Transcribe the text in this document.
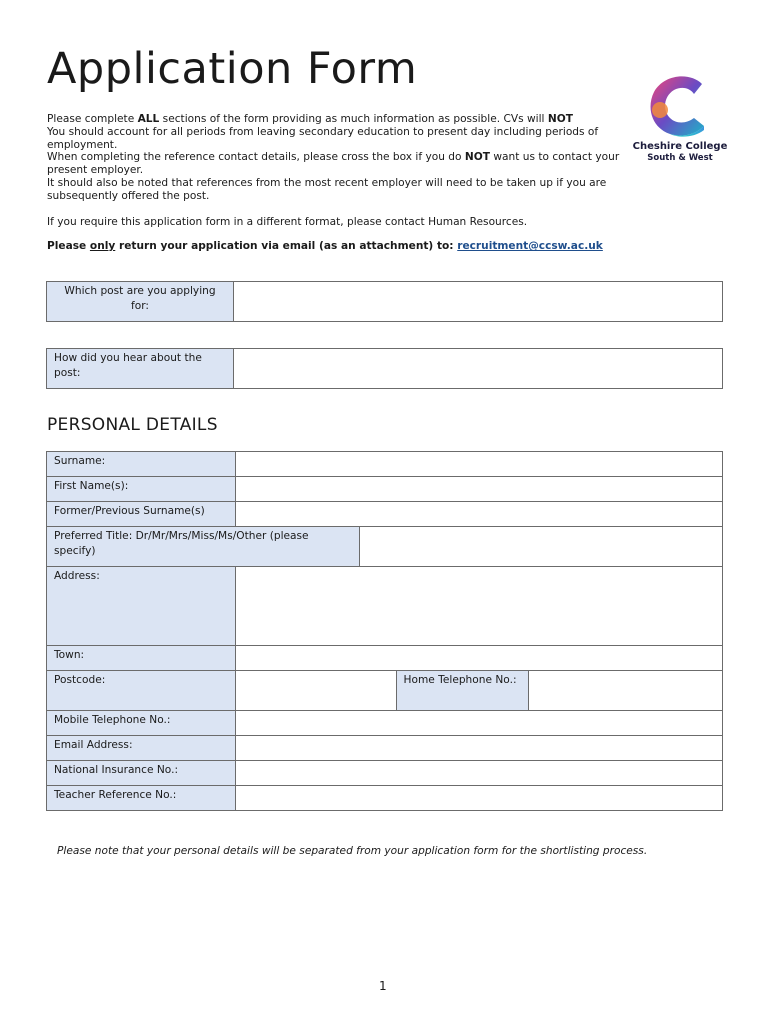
Application Form
Cheshire College
South & West

Please complete ALL sections of the form providing as much information as possible. CVs will NOT

You should account for all periods from leaving secondary education to present day including periods of

employment.

When completing the reference contact details, please cross the box if you do NOT want us to contact your

present employer.

It should also be noted that references from the most recent employer will need to be taken up if you are

subsequently offered the post.

If you require this application form in a different format, please contact Human Resources.

Please only return your application via email (as an attachment) to: recruitment@ccsw.ac.uk

Which post are you applying for:	
How did you hear about the post:	
PERSONAL DETAILS
Surname:				
First Name(s):				
Former/Previous Surname(s)				
Preferred Title: Dr/Mr/Mrs/Miss/Ms/Other (please specify)				
Address:				
Town:				
Postcode:			Home Telephone No.:	
Mobile Telephone No.:				
Email Address:				
National Insurance No.:				
Teacher Reference No.:				
Please note that your personal details will be separated from your application form for the shortlisting process.
1
